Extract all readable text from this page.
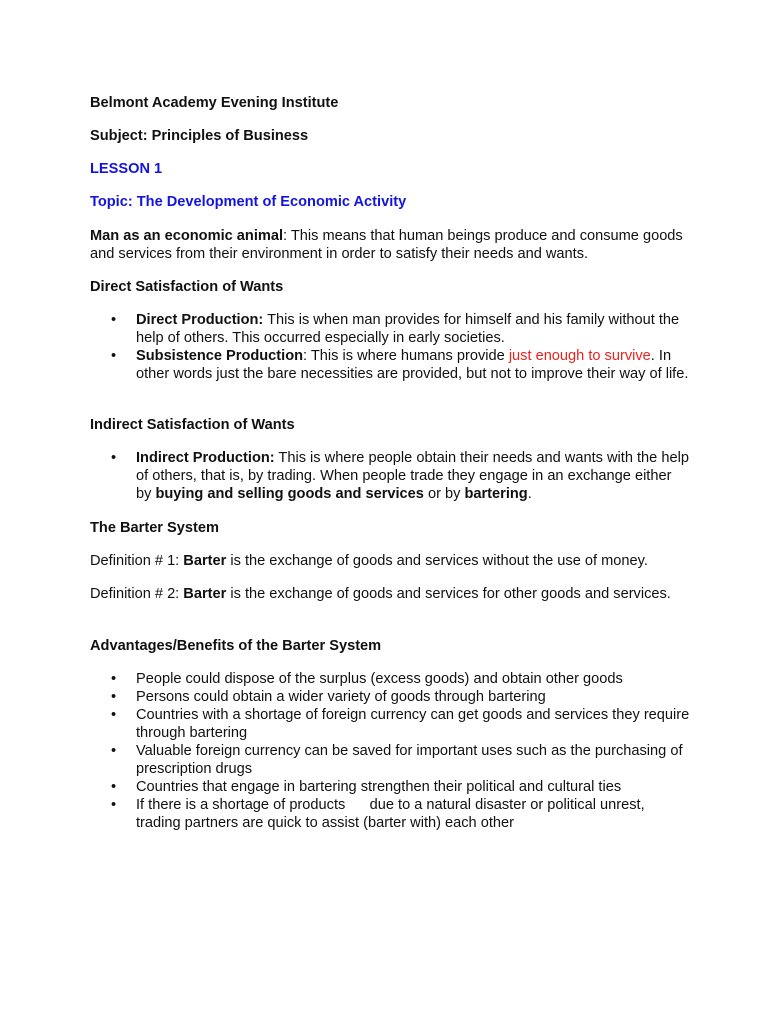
Belmont Academy Evening Institute

Subject: Principles of Business

LESSON 1

Topic: The Development of Economic Activity

Man as an economic animal: This means that human beings produce and consume goods and services from their environment in order to satisfy their needs and wants.

Direct Satisfaction of Wants

• Direct Production: This is when man provides for himself and his family without the help of others. This occurred especially in early societies.
• Subsistence Production: This is where humans provide just enough to survive. In other words just the bare necessities are provided, but not to improve their way of life.

Indirect Satisfaction of Wants

• Indirect Production: This is where people obtain their needs and wants with the help of others, that is, by trading. When people trade they engage in an exchange either by buying and selling goods and services or by bartering.

The Barter System

Definition # 1: Barter is the exchange of goods and services without the use of money.
Definition # 2: Barter is the exchange of goods and services for other goods and services.

Advantages/Benefits of the Barter System

• People could dispose of the surplus (excess goods) and obtain other goods
• Persons could obtain a wider variety of goods through bartering
• Countries with a shortage of foreign currency can get goods and services they require through bartering
• Valuable foreign currency can be saved for important uses such as the purchasing of prescription drugs
• Countries that engage in bartering strengthen their political and cultural ties
• If there is a shortage of products      due to a natural disaster or political unrest, trading partners are quick to assist (barter with) each other
